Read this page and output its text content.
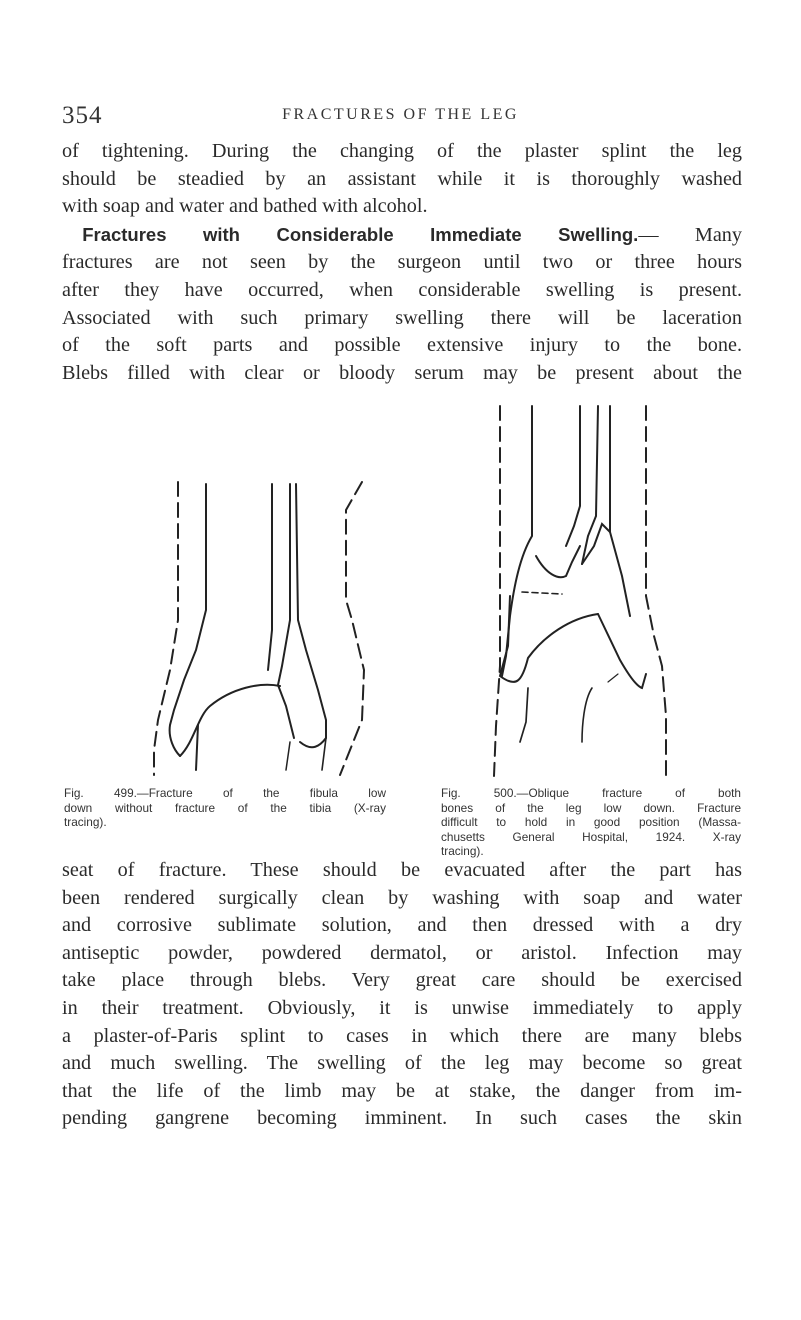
354	FRACTURES OF THE LEG
of tightening. During the changing of the plaster splint the leg
should be steadied by an assistant while it is thoroughly washed
with soap and water and bathed with alcohol.
 Fractures with Considerable Immediate Swelling.— Many
fractures are not seen by the surgeon until two or three hours
after they have occurred, when considerable swelling is present.
Associated with such primary swelling there will be laceration
of the soft parts and possible extensive injury to the bone.
Blebs filled with clear or bloody serum may be present about the
Fig. 499.—Fracture of the fibula low
down without fracture of the tibia (X-ray
tracing).
Fig. 500.—Oblique fracture of both
bones of the leg low down. Fracture
difficult to hold in good position (Massa-
chusetts General Hospital, 1924. X-ray
tracing).
seat of fracture. These should be evacuated after the part has
been rendered surgically clean by washing with soap and water
and corrosive sublimate solution, and then dressed with a dry
antiseptic powder, powdered dermatol, or aristol. Infection may
take place through blebs. Very great care should be exercised
in their treatment. Obviously, it is unwise immediately to apply
a plaster-of-Paris splint to cases in which there are many blebs
and much swelling. The swelling of the leg may become so great
that the life of the limb may be at stake, the danger from im-
pending gangrene becoming imminent. In such cases the skin
